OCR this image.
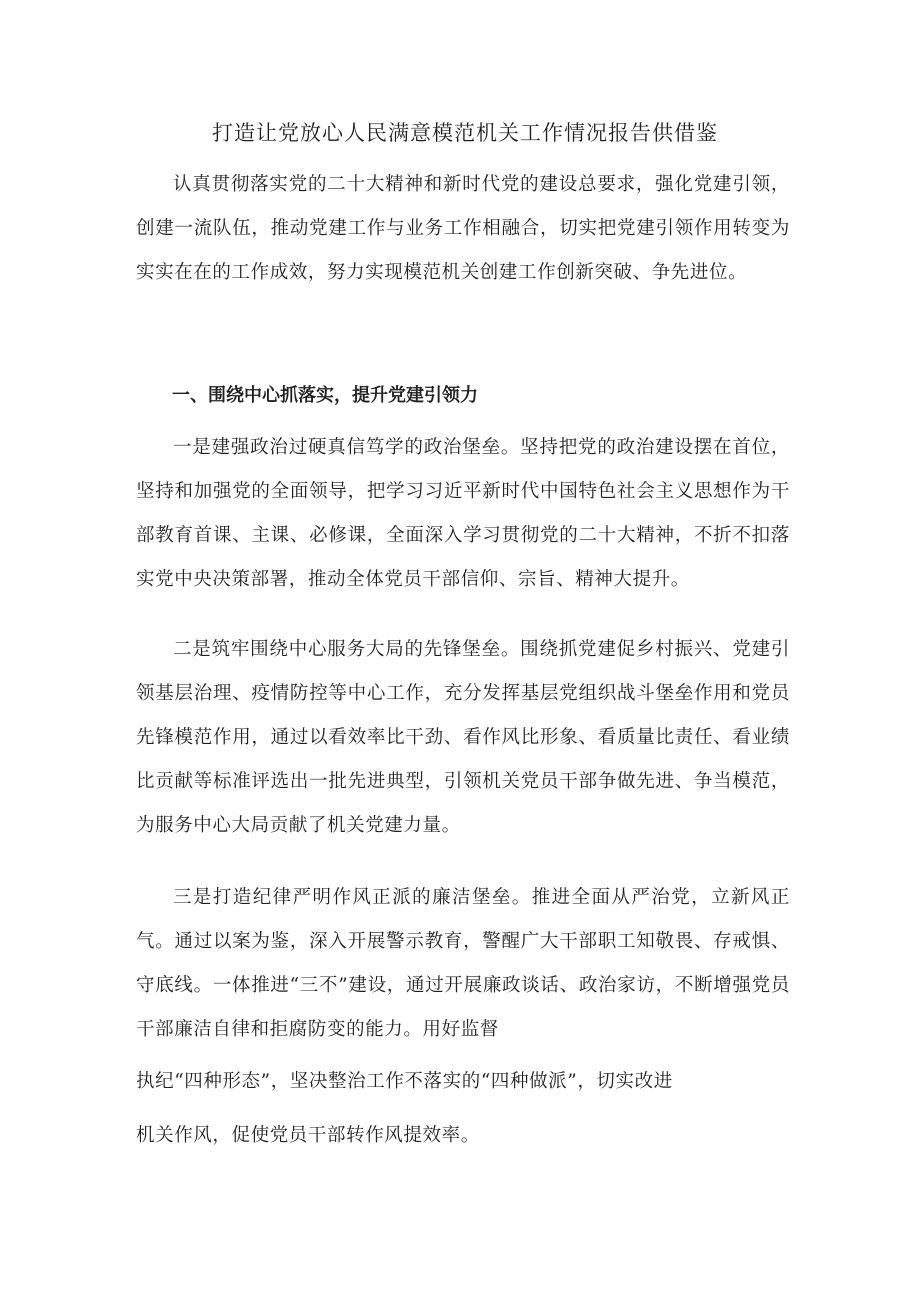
打造让党放心人民满意模范机关工作情况报告供借鉴

认真贯彻落实党的二十大精神和新时代党的建设总要求，强化党建引领，创建一流队伍，推动党建工作与业务工作相融合，切实把党建引领作用转变为实实在在的工作成效，努力实现模范机关创建工作创新突破、争先进位。

一、围绕中心抓落实，提升党建引领力

一是建强政治过硬真信笃学的政治堡垒。坚持把党的政治建设摆在首位，坚持和加强党的全面领导，把学习习近平新时代中国特色社会主义思想作为干部教育首课、主课、必修课，全面深入学习贯彻党的二十大精神，不折不扣落实党中央决策部署，推动全体党员干部信仰、宗旨、精神大提升。

二是筑牢围绕中心服务大局的先锋堡垒。围绕抓党建促乡村振兴、党建引领基层治理、疫情防控等中心工作，充分发挥基层党组织战斗堡垒作用和党员先锋模范作用，通过以看效率比干劲、看作风比形象、看质量比责任、看业绩比贡献等标准评选出一批先进典型，引领机关党员干部争做先进、争当模范，为服务中心大局贡献了机关党建力量。

三是打造纪律严明作风正派的廉洁堡垒。推进全面从严治党，立新风正气。通过以案为鉴，深入开展警示教育，警醒广大干部职工知敬畏、存戒惧、守底线。一体推进“三不”建设，通过开展廉政谈话、政治家访，不断增强党员干部廉洁自律和拒腐防变的能力。用好监督

执纪“四种形态”，坚决整治工作不落实的“四种做派”，切实改进

机关作风，促使党员干部转作风提效率。
